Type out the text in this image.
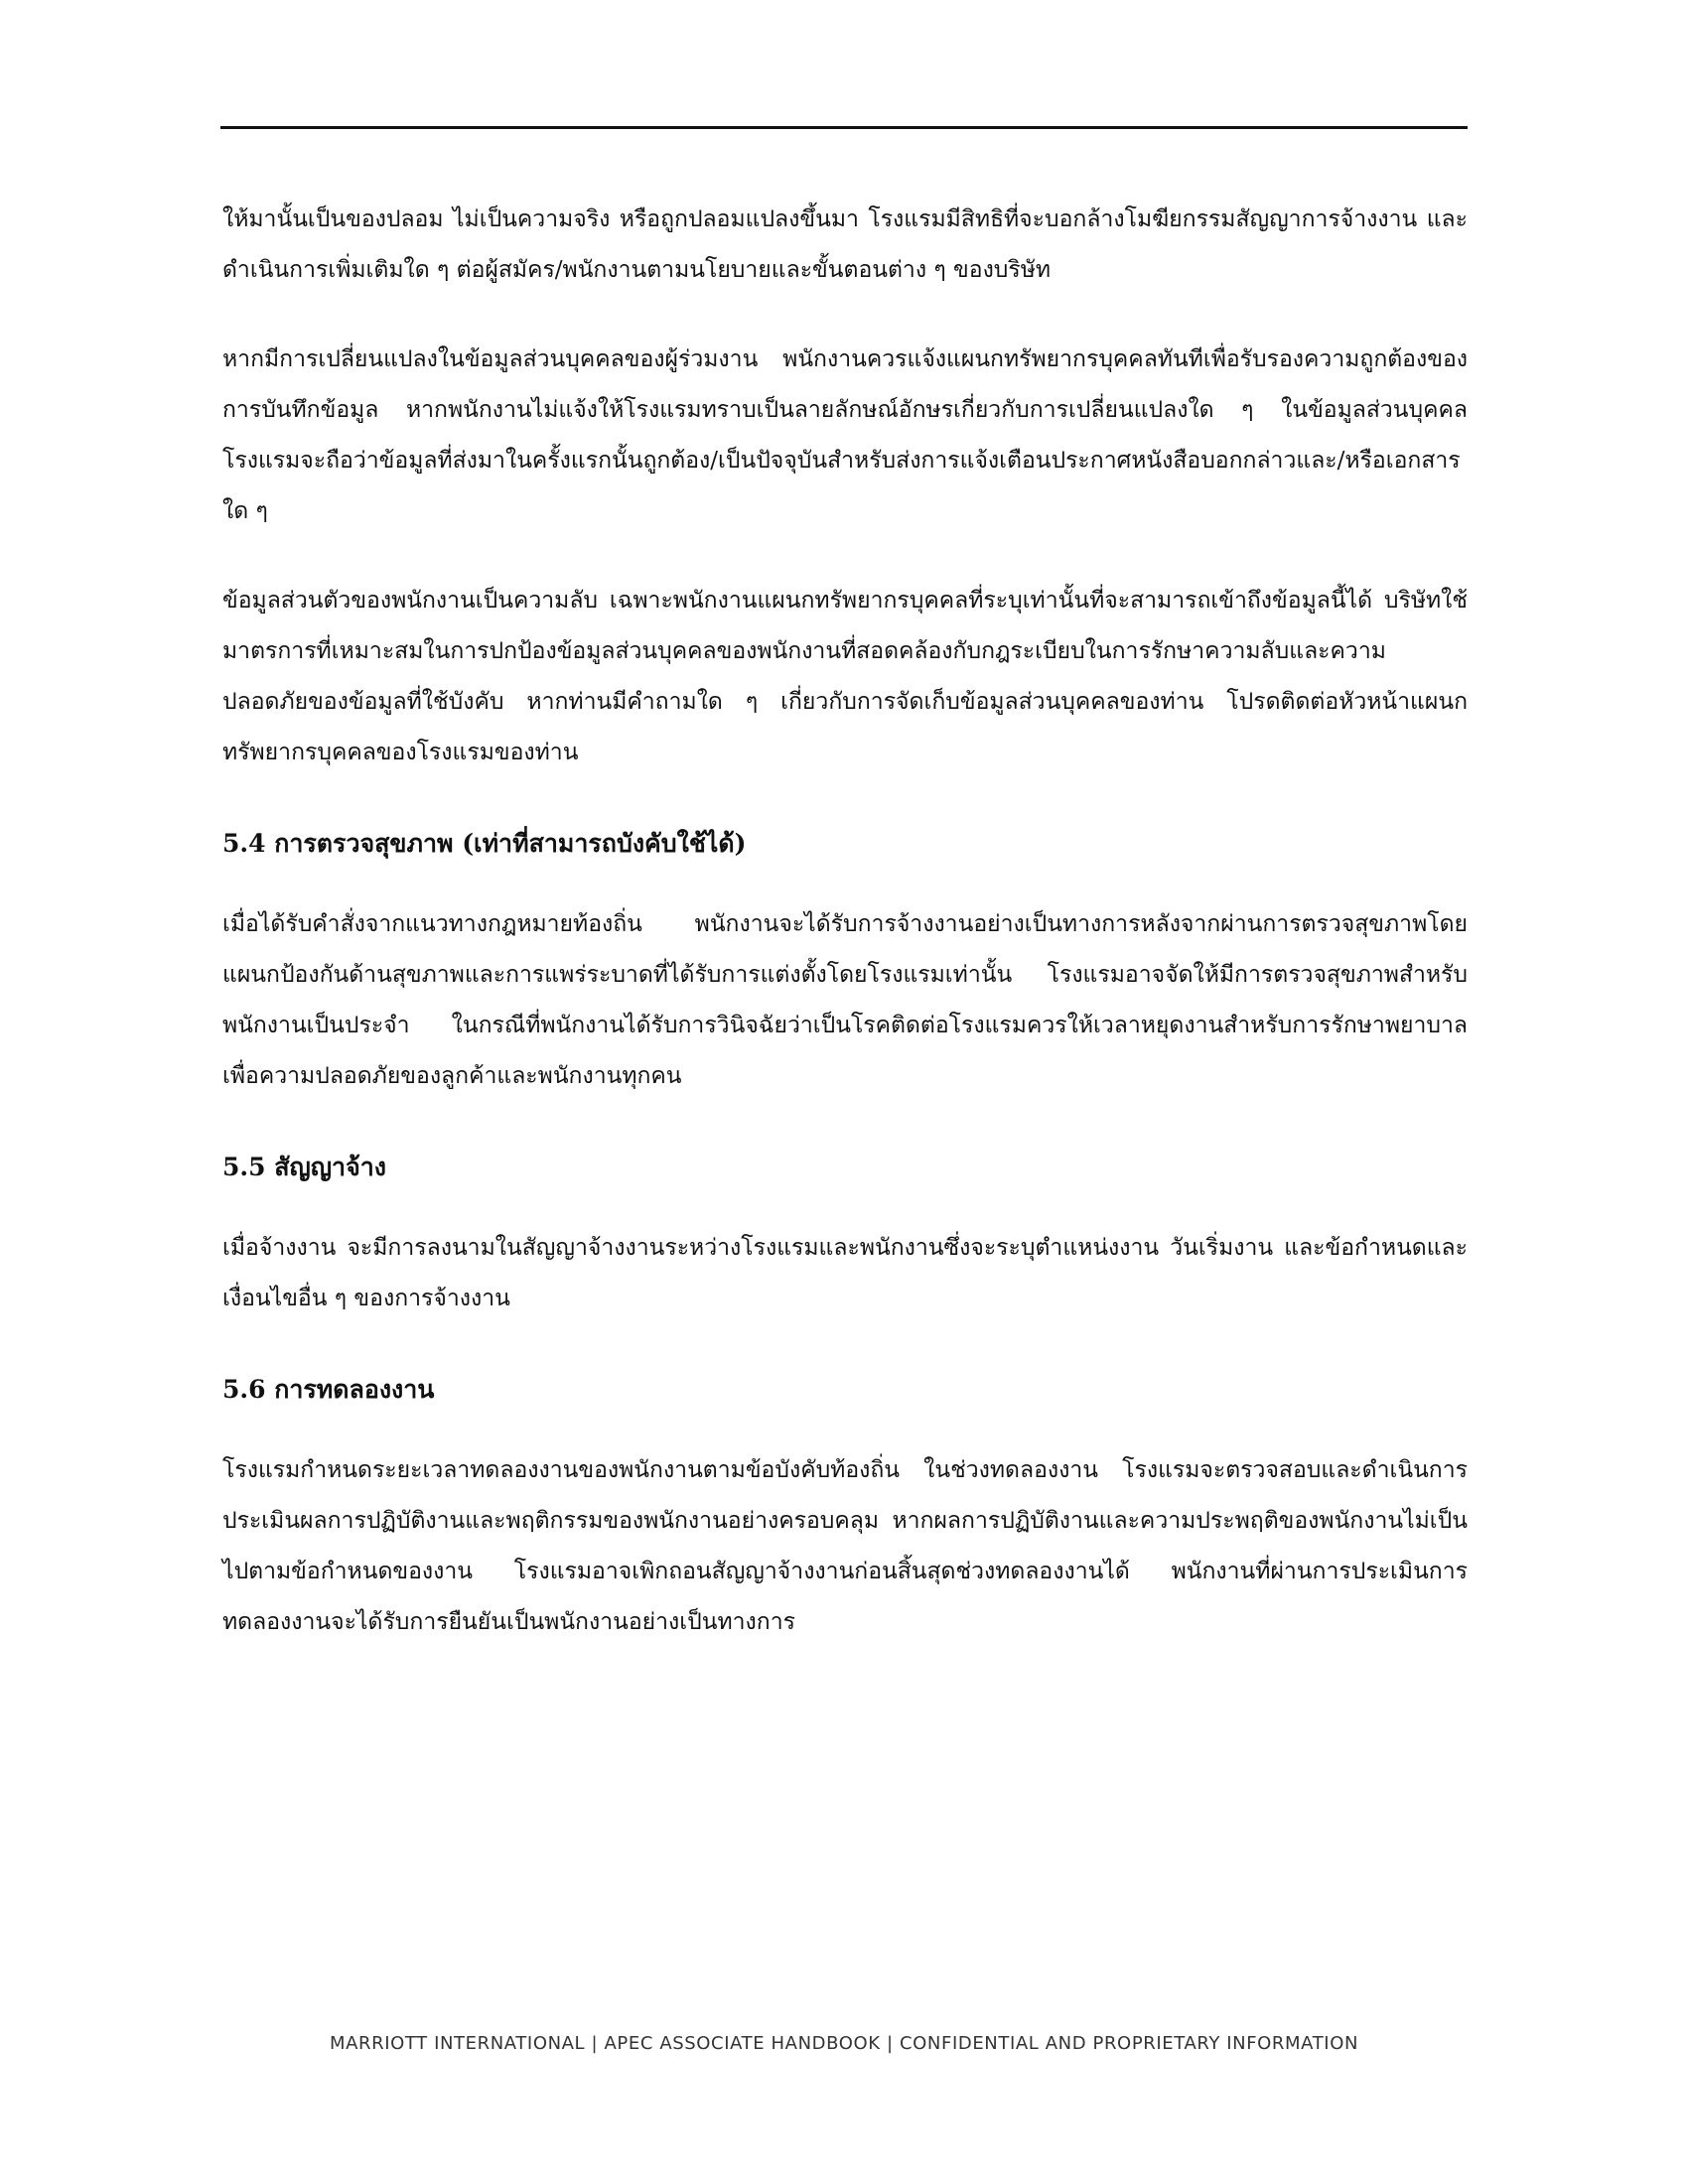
ให้มานั้นเป็นของปลอม ไม่เป็นความจริง หรือถูกปลอมแปลงขึ้นมา โรงแรมมีสิทธิที่จะบอกล้างโมฆียกรรมสัญญาการจ้างงาน และดำเนินการเพิ่มเติมใด ๆ ต่อผู้สมัคร/พนักงานตามนโยบายและขั้นตอนต่าง ๆ ของบริษัท

หากมีการเปลี่ยนแปลงในข้อมูลส่วนบุคคลของผู้ร่วมงาน พนักงานควรแจ้งแผนกทรัพยากรบุคคลทันทีเพื่อรับรองความถูกต้องของการบันทึกข้อมูล หากพนักงานไม่แจ้งให้โรงแรมทราบเป็นลายลักษณ์อักษรเกี่ยวกับการเปลี่ยนแปลงใด ๆ ในข้อมูลส่วนบุคคล โรงแรมจะถือว่าข้อมูลที่ส่งมาในครั้งแรกนั้นถูกต้อง/เป็นปัจจุบันสำหรับส่งการแจ้งเตือนประกาศหนังสือบอกกล่าวและ/หรือเอกสารใด ๆ

ข้อมูลส่วนตัวของพนักงานเป็นความลับ เฉพาะพนักงานแผนกทรัพยากรบุคคลที่ระบุเท่านั้นที่จะสามารถเข้าถึงข้อมูลนี้ได้ บริษัทใช้มาตรการที่เหมาะสมในการปกป้องข้อมูลส่วนบุคคลของพนักงานที่สอดคล้องกับกฎระเบียบในการรักษาความลับและความปลอดภัยของข้อมูลที่ใช้บังคับ หากท่านมีคำถามใด ๆ เกี่ยวกับการจัดเก็บข้อมูลส่วนบุคคลของท่าน โปรดติดต่อหัวหน้าแผนกทรัพยากรบุคคลของโรงแรมของท่าน

5.4 การตรวจสุขภาพ (เท่าที่สามารถบังคับใช้ได้)

เมื่อได้รับคำสั่งจากแนวทางกฎหมายท้องถิ่น พนักงานจะได้รับการจ้างงานอย่างเป็นทางการหลังจากผ่านการตรวจสุขภาพโดยแผนกป้องกันด้านสุขภาพและการแพร่ระบาดที่ได้รับการแต่งตั้งโดยโรงแรมเท่านั้น โรงแรมอาจจัดให้มีการตรวจสุขภาพสำหรับพนักงานเป็นประจำ ในกรณีที่พนักงานได้รับการวินิจฉัยว่าเป็นโรคติดต่อโรงแรมควรให้เวลาหยุดงานสำหรับการรักษาพยาบาลเพื่อความปลอดภัยของลูกค้าและพนักงานทุกคน

5.5 สัญญาจ้าง

เมื่อจ้างงาน จะมีการลงนามในสัญญาจ้างงานระหว่างโรงแรมและพนักงานซึ่งจะระบุตำแหน่งงาน วันเริ่มงาน และข้อกำหนดและเงื่อนไขอื่น ๆ ของการจ้างงาน

5.6 การทดลองงาน

โรงแรมกำหนดระยะเวลาทดลองงานของพนักงานตามข้อบังคับท้องถิ่น ในช่วงทดลองงาน โรงแรมจะตรวจสอบและดำเนินการประเมินผลการปฏิบัติงานและพฤติกรรมของพนักงานอย่างครอบคลุม หากผลการปฏิบัติงานและความประพฤติของพนักงานไม่เป็นไปตามข้อกำหนดของงาน โรงแรมอาจเพิกถอนสัญญาจ้างงานก่อนสิ้นสุดช่วงทดลองงานได้ พนักงานที่ผ่านการประเมินการทดลองงานจะได้รับการยืนยันเป็นพนักงานอย่างเป็นทางการ

MARRIOTT INTERNATIONAL | APEC ASSOCIATE HANDBOOK | CONFIDENTIAL AND PROPRIETARY INFORMATION
